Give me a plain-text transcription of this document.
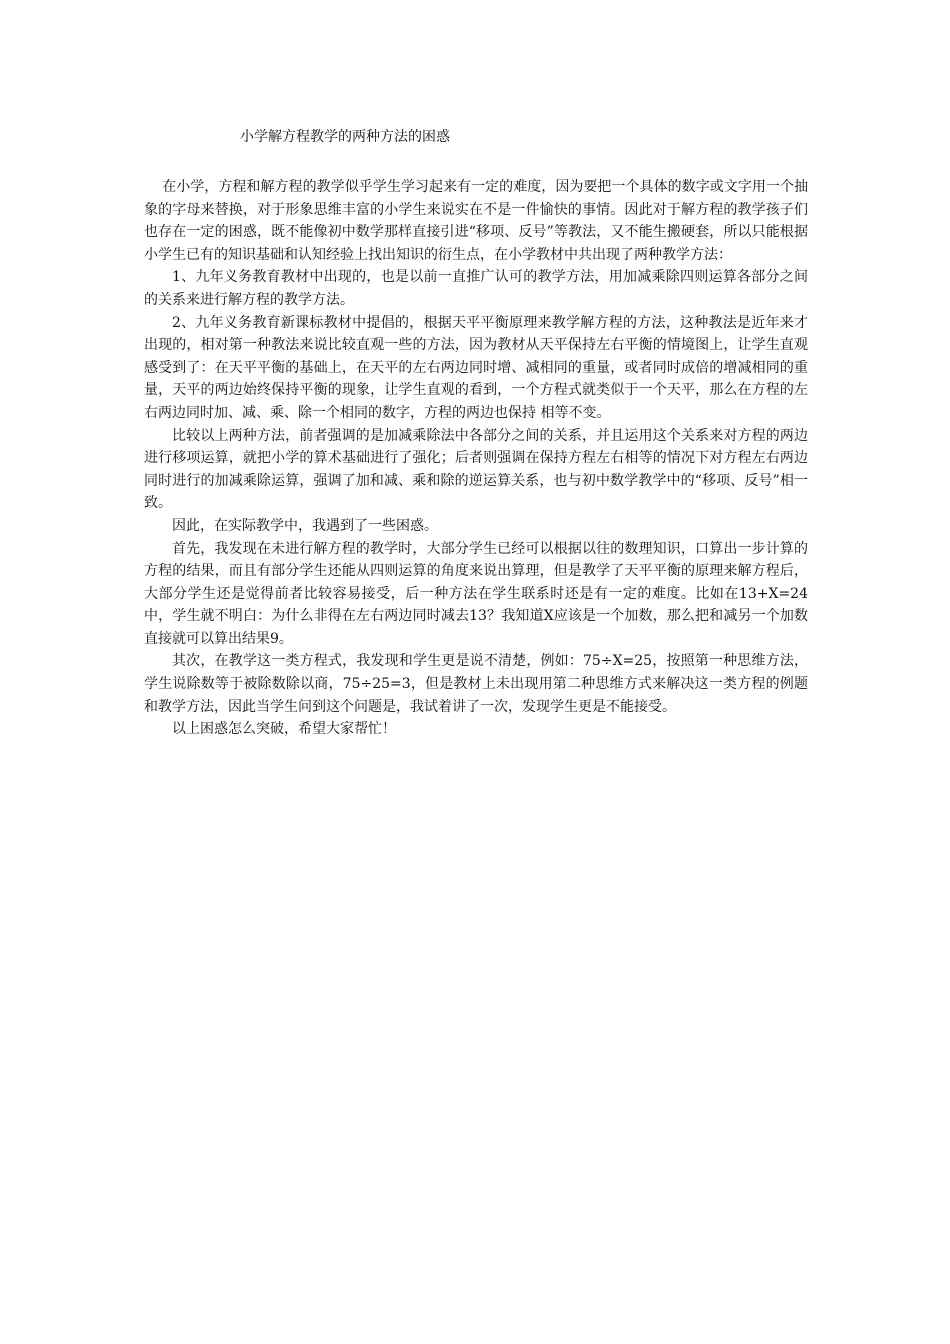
小学解方程教学的两种方法的困惑

在小学，方程和解方程的教学似乎学生学习起来有一定的难度，因为要把一个具体的数字或文字用一个抽象的字母来替换，对于形象思维丰富的小学生来说实在不是一件愉快的事情。因此对于解方程的教学孩子们也存在一定的困惑，既不能像初中数学那样直接引进“移项、反号”等教法，又不能生搬硬套，所以只能根据小学生已有的知识基础和认知经验上找出知识的衍生点，在小学教材中共出现了两种教学方法：

1、九年义务教育教材中出现的，也是以前一直推广认可的教学方法，用加减乘除四则运算各部分之间的关系来进行解方程的教学方法。

2、九年义务教育新课标教材中提倡的，根据天平平衡原理来教学解方程的方法，这种教法是近年来才出现的，相对第一种教法来说比较直观一些的方法，因为教材从天平保持左右平衡的情境图上，让学生直观感受到了：在天平平衡的基础上，在天平的左右两边同时增、减相同的重量，或者同时成倍的增减相同的重量，天平的两边始终保持平衡的现象，让学生直观的看到，一个方程式就类似于一个天平，那么在方程的左右两边同时加、减、乘、除一个相同的数字，方程的两边也保持 相等不变。

比较以上两种方法，前者强调的是加减乘除法中各部分之间的关系，并且运用这个关系来对方程的两边进行移项运算，就把小学的算术基础进行了强化；后者则强调在保持方程左右相等的情况下对方程左右两边同时进行的加减乘除运算，强调了加和减、乘和除的逆运算关系，也与初中数学教学中的“移项、反号”相一致。

因此，在实际教学中，我遇到了一些困惑。

首先，我发现在未进行解方程的教学时，大部分学生已经可以根据以往的数理知识，口算出一步计算的方程的结果，而且有部分学生还能从四则运算的角度来说出算理，但是教学了天平平衡的原理来解方程后，大部分学生还是觉得前者比较容易接受，后一种方法在学生联系时还是有一定的难度。比如在13+X=24中，学生就不明白：为什么非得在左右两边同时减去13？我知道X应该是一个加数，那么把和减另一个加数直接就可以算出结果9。

其次，在教学这一类方程式，我发现和学生更是说不清楚，例如：75÷X=25，按照第一种思维方法，学生说除数等于被除数除以商，75÷25=3，但是教材上未出现用第二种思维方式来解决这一类方程的例题和教学方法，因此当学生问到这个问题是，我试着讲了一次，发现学生更是不能接受。

以上困惑怎么突破，希望大家帮忙！
